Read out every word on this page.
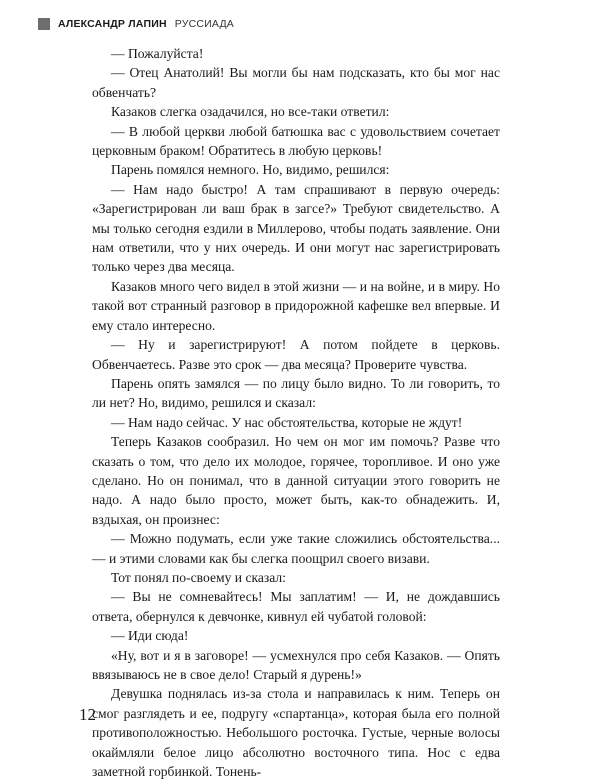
АЛЕКСАНДР ЛАПИН РУССИАДА

— Пожалуйста!

— Отец Анатолий! Вы могли бы нам подсказать, кто бы мог нас обвенчать?

Казаков слегка озадачился, но все-таки ответил:

— В любой церкви любой батюшка вас с удовольствием сочетает церковным браком! Обратитесь в любую церковь!

Парень помялся немного. Но, видимо, решился:

— Нам надо быстро! А там спрашивают в первую очередь: «Зарегистрирован ли ваш брак в загсе?» Требуют свидетельство. А мы только сегодня ездили в Миллерово, чтобы подать заявление. Они нам ответили, что у них очередь. И они могут нас зарегистрировать только через два месяца.

Казаков много чего видел в этой жизни — и на войне, и в миру. Но такой вот странный разговор в придорожной кафешке вел впервые. И ему стало интересно.

— Ну и зарегистрируют! А потом пойдете в церковь. Обвенчаетесь. Разве это срок — два месяца? Проверите чувства.

Парень опять замялся — по лицу было видно. То ли говорить, то ли нет? Но, видимо, решился и сказал:

— Нам надо сейчас. У нас обстоятельства, которые не ждут!

Теперь Казаков сообразил. Но чем он мог им помочь? Разве что сказать о том, что дело их молодое, горячее, торопливое. И оно уже сделано. Но он понимал, что в данной ситуации этого говорить не надо. А надо было просто, может быть, как-то обнадежить. И, вздыхая, он произнес:

— Можно подумать, если уже такие сложились обстоятельства... — и этими словами как бы слегка поощрил своего визави.

Тот понял по-своему и сказал:

— Вы не сомневайтесь! Мы заплатим! — И, не дождавшись ответа, обернулся к девчонке, кивнул ей чубатой головой:

— Иди сюда!

«Ну, вот и я в заговоре! — усмехнулся про себя Казаков. — Опять ввязываюсь не в свое дело! Старый я дурень!»

Девушка поднялась из-за стола и направилась к ним. Теперь он смог разглядеть и ее, подругу «спартанца», которая была его полной противоположностью. Небольшого росточка. Густые, черные волосы окаймляли белое лицо абсолютно восточного типа. Нос с едва заметной горбинкой. Тонень-

12
